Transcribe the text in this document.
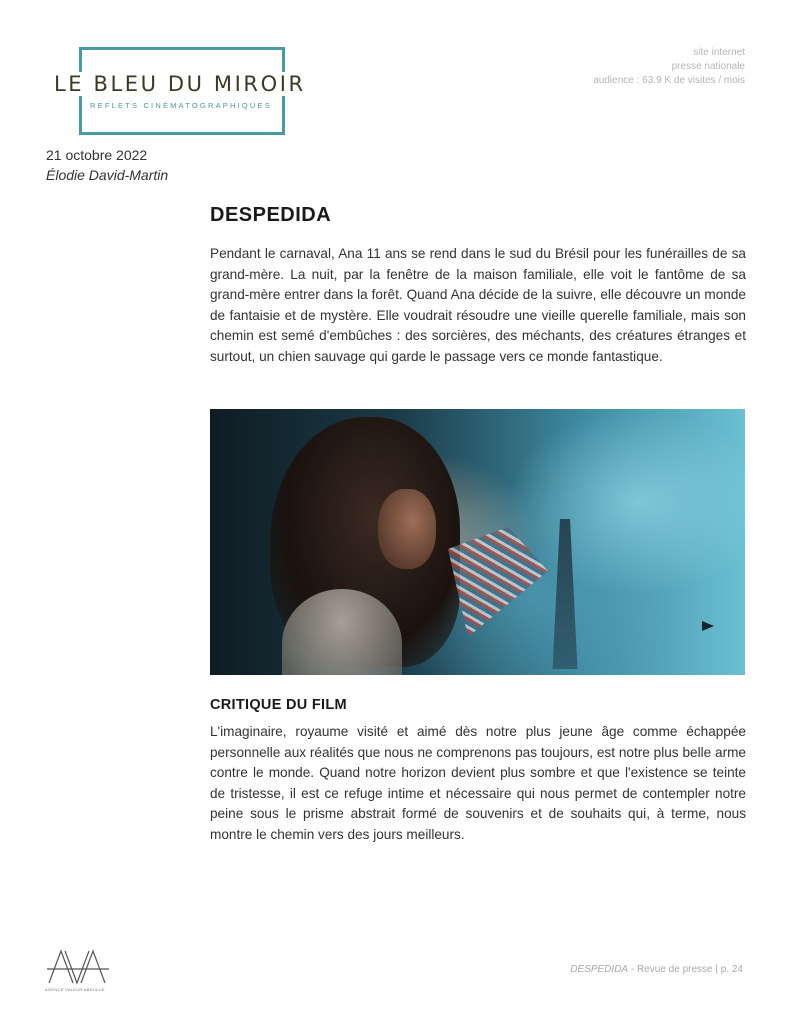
LE BLEU DU MIROIR
REFLETS CINÉMATOGRAPHIQUES
site internet
presse nationale
audience : 63.9 K de visites / mois
21 octobre 2022
Élodie David-Martin
DESPEDIDA

Pendant le carnaval, Ana 11 ans se rend dans le sud du Brésil pour les funérailles de sa grand-mère. La nuit, par la fenêtre de la maison familiale, elle voit le fantôme de sa grand-mère entrer dans la forêt. Quand Ana décide de la suivre, elle découvre un monde de fantaisie et de mystère. Elle voudrait résoudre une vieille querelle familiale, mais son chemin est semé d'embûches : des sorcières, des méchants, des créatures étranges et surtout, un chien sauvage qui garde le passage vers ce monde fantastique.

CRITIQUE DU FILM

L'imaginaire, royaume visité et aimé dès notre plus jeune âge comme échappée personnelle aux réalités que nous ne comprenons pas toujours, est notre plus belle arme contre le monde. Quand notre horizon devient plus sombre et que l'existence se teinte de tristesse, il est ce refuge intime et nécessaire qui nous permet de contempler notre peine sous le prisme abstrait formé de souvenirs et de souhaits qui, à terme, nous montre le chemin vers des jours meilleurs.

AGENCE VALEUR ABSOLUE
DESPEDIDA - Revue de presse | p. 24
